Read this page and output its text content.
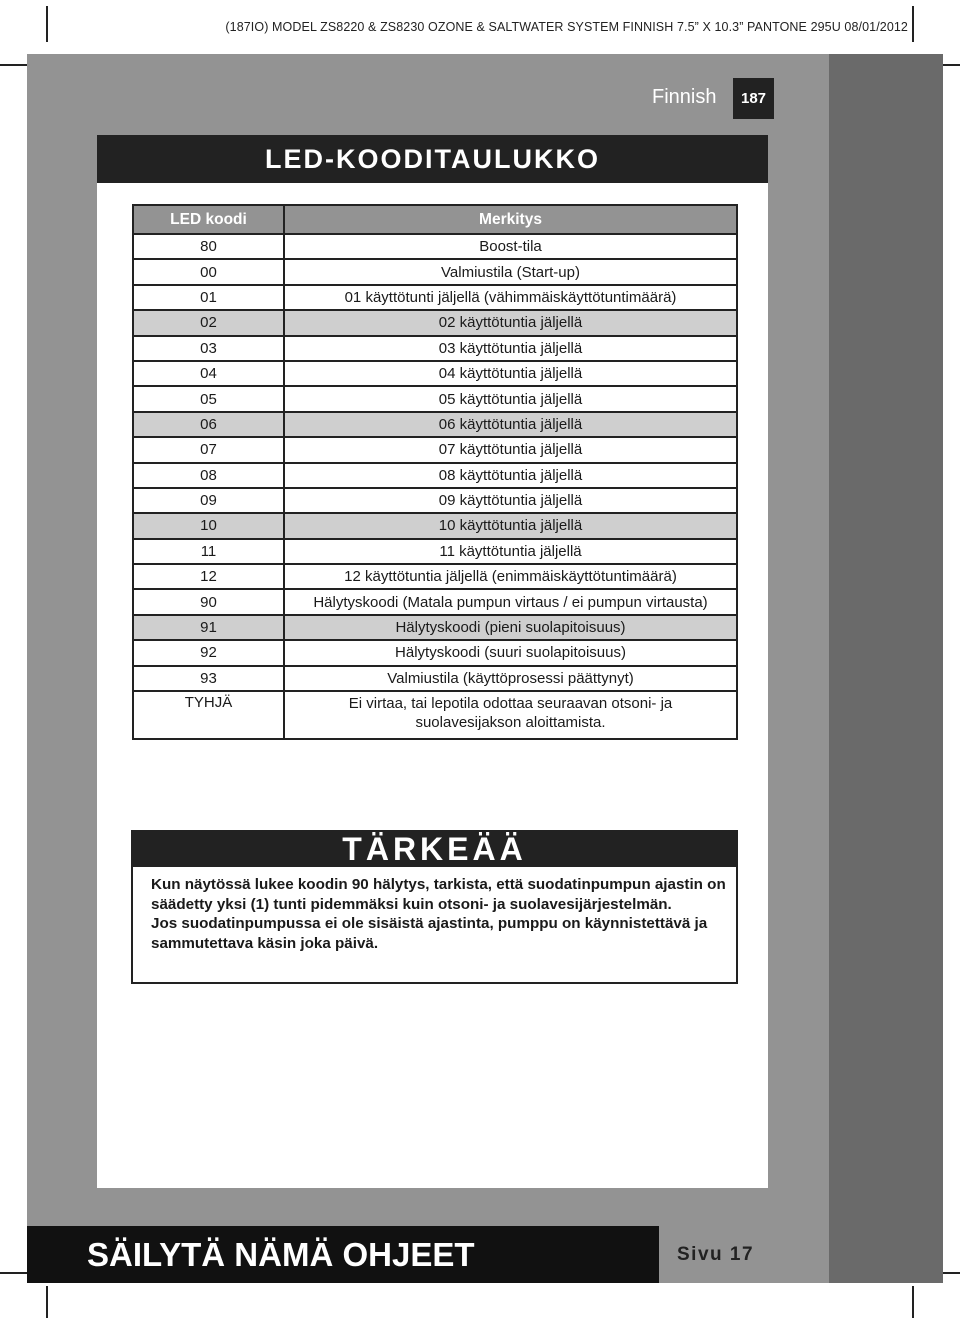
(187IO) MODEL ZS8220 & ZS8230 OZONE & SALTWATER SYSTEM FINNISH 7.5” X 10.3” PANTONE 295U 08/01/2012
Finnish	187
LED-KOODITAULUKKO
LED koodi	Merkitys
80	Boost-tila
00	Valmiustila (Start-up)
01	01 käyttötunti jäljellä (vähimmäiskäyttötuntimäärä)
02	02 käyttötuntia jäljellä
03	03 käyttötuntia jäljellä
04	04 käyttötuntia jäljellä
05	05 käyttötuntia jäljellä
06	06 käyttötuntia jäljellä
07	07 käyttötuntia jäljellä
08	08 käyttötuntia jäljellä
09	09 käyttötuntia jäljellä
10	10 käyttötuntia jäljellä
11	11 käyttötuntia jäljellä
12	12 käyttötuntia jäljellä (enimmäiskäyttötuntimäärä)
90	Hälytyskoodi (Matala pumpun virtaus / ei pumpun virtausta)
91	Hälytyskoodi (pieni suolapitoisuus)
92	Hälytyskoodi (suuri suolapitoisuus)
93	Valmiustila (käyttöprosessi päättynyt)
TYHJÄ	Ei virtaa, tai lepotila odottaa seuraavan otsoni- ja suolavesijakson aloittamista.
TÄRKEÄÄ

Kun näytössä lukee koodin 90 hälytys, tarkista, että suodatinpumpun ajastin on säädetty yksi (1) tunti pidemmäksi kuin otsoni- ja suolavesijärjestelmän.

Jos suodatinpumpussa ei ole sisäistä ajastinta, pumppu on käynnistettävä ja sammutettava käsin joka päivä.

SÄILYTÄ NÄMÄ OHJEET	Sivu 17
